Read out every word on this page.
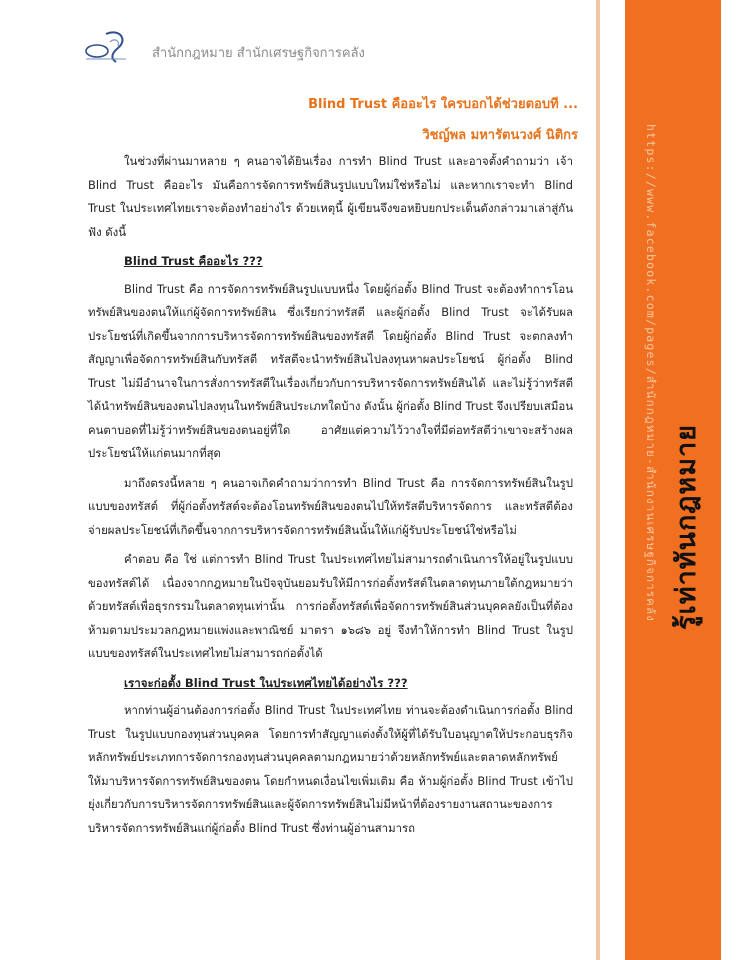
สำนักกฎหมาย สำนักเศรษฐกิจการคลัง
Blind Trust คืออะไร ใครบอกได้ช่วยตอบที ...
วิชญ์พล มหารัตนวงศ์ นิติกร

ในช่วงที่ผ่านมาหลาย ๆ คนอาจได้ยินเรื่อง การทำ Blind Trust และอาจตั้งคำถามว่า เจ้า Blind Trust คืออะไร มันคือการจัดการทรัพย์สินรูปแบบใหม่ใช่หรือไม่ และหากเราจะทำ Blind Trust ในประเทศไทยเราจะต้องทำอย่างไร ด้วยเหตุนี้ ผู้เขียนจึงขอหยิบยกประเด็นดังกล่าวมาเล่าสู่กันฟัง ดังนี้

Blind Trust คืออะไร ???

Blind Trust คือ การจัดการทรัพย์สินรูปแบบหนึ่ง โดยผู้ก่อตั้ง Blind Trust จะต้องทำการโอนทรัพย์สินของตนให้แก่ผู้จัดการทรัพย์สิน ซึ่งเรียกว่าทรัสตี และผู้ก่อตั้ง Blind Trust จะได้รับผลประโยชน์ที่เกิดขึ้นจากการบริหารจัดการทรัพย์สินของทรัสตี โดยผู้ก่อตั้ง Blind Trust จะตกลงทำสัญญาเพื่อจัดการทรัพย์สินกับทรัสตี ทรัสตีจะนำทรัพย์สินไปลงทุนหาผลประโยชน์ ผู้ก่อตั้ง Blind Trust ไม่มีอำนาจในการสั่งการทรัสตีในเรื่องเกี่ยวกับการบริหารจัดการทรัพย์สินได้ และไม่รู้ว่าทรัสตีได้นำทรัพย์สินของตนไปลงทุนในทรัพย์สินประเภทใดบ้าง ดังนั้น ผู้ก่อตั้ง Blind Trust จึงเปรียบเสมือนคนตาบอดที่ไม่รู้ว่าทรัพย์สินของตนอยู่ที่ใด อาศัยแต่ความไว้วางใจที่มีต่อทรัสตีว่าเขาจะสร้างผลประโยชน์ให้แก่ตนมากที่สุด

มาถึงตรงนี้หลาย ๆ คนอาจเกิดคำถามว่าการทำ Blind Trust คือ การจัดการทรัพย์สินในรูปแบบของทรัสต์ ที่ผู้ก่อตั้งทรัสต์จะต้องโอนทรัพย์สินของตนไปให้ทรัสตีบริหารจัดการ และทรัสตีต้องจ่ายผลประโยชน์ที่เกิดขึ้นจากการบริหารจัดการทรัพย์สินนั้นให้แก่ผู้รับประโยชน์ใช่หรือไม่

คำตอบ คือ ใช่ แต่การทำ Blind Trust ในประเทศไทยไม่สามารถดำเนินการให้อยู่ในรูปแบบของทรัสต์ได้ เนื่องจากกฎหมายในปัจจุบันยอมรับให้มีการก่อตั้งทรัสต์ในตลาดทุนภายใต้กฎหมายว่าด้วยทรัสต์เพื่อธุรกรรมในตลาดทุนเท่านั้น การก่อตั้งทรัสต์เพื่อจัดการทรัพย์สินส่วนบุคคลยังเป็นที่ต้องห้ามตามประมวลกฎหมายแพ่งและพาณิชย์ มาตรา ๑๖๘๖ อยู่ จึงทำให้การทำ Blind Trust ในรูปแบบของทรัสต์ในประเทศไทยไม่สามารถก่อตั้งได้

เราจะก่อตั้ง Blind Trust ในประเทศไทยได้อย่างไร ???

หากท่านผู้อ่านต้องการก่อตั้ง Blind Trust ในประเทศไทย ท่านจะต้องดำเนินการก่อตั้ง Blind Trust ในรูปแบบกองทุนส่วนบุคคล โดยการทำสัญญาแต่งตั้งให้ผู้ที่ได้รับใบอนุญาตให้ประกอบธุรกิจหลักทรัพย์ประเภทการจัดการกองทุนส่วนบุคคลตามกฎหมายว่าด้วยหลักทรัพย์และตลาดหลักทรัพย์ ให้มาบริหารจัดการทรัพย์สินของตน โดยกำหนดเงื่อนไขเพิ่มเติม คือ ห้ามผู้ก่อตั้ง Blind Trust เข้าไปยุ่งเกี่ยวกับการบริหารจัดการทรัพย์สินและผู้จัดการทรัพย์สินไม่มีหน้าที่ต้องรายงานสถานะของการบริหารจัดการทรัพย์สินแก่ผู้ก่อตั้ง Blind Trust ซึ่งท่านผู้อ่านสามารถ

https://www.facebook.com/pages/สำนักกฎหมาย-สำนักงานเศรษฐกิจการคลัง รู้เท่าทันกฎหมาย
